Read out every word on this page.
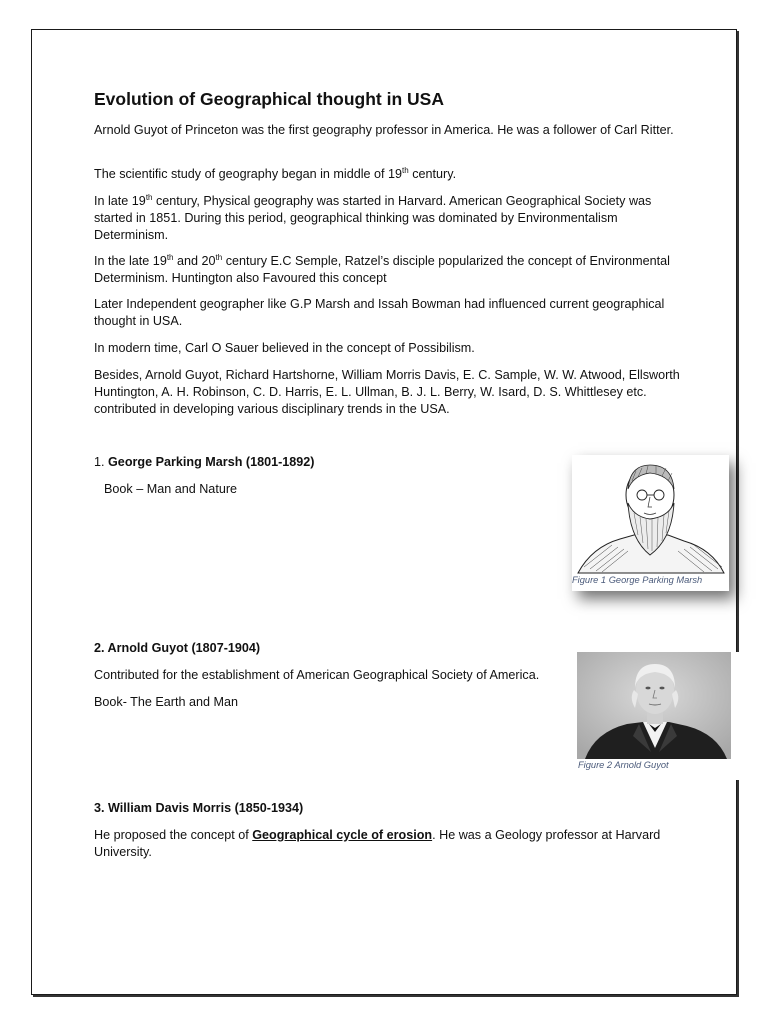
Evolution of Geographical thought in USA

Arnold Guyot of Princeton was the first geography professor in America. He was a follower of Carl Ritter.

The scientific study of geography began in middle of 19th century.

In late 19th century, Physical geography was started in Harvard. American Geographical Society was started in 1851. During this period, geographical thinking was dominated by Environmentalism Determinism.

In the late 19th and 20th century E.C Semple, Ratzel’s disciple popularized the concept of Environmental Determinism. Huntington also Favoured this concept

Later Independent geographer like G.P Marsh and Issah Bowman had influenced current geographical thought in USA.

In modern time, Carl O Sauer believed in the concept of Possibilism.

Besides, Arnold Guyot, Richard Hartshorne, William Morris Davis, E. C. Sample, W. W. Atwood, Ellsworth Huntington, A. H. Robinson, C. D. Harris, E. L. Ullman, B. J. L. Berry, W. Isard, D. S. Whittlesey etc. contributed in developing various disciplinary trends in the USA.

1. George Parking Marsh (1801-1892)

Book – Man and Nature

Figure 1 George Parking Marsh

2. Arnold Guyot (1807-1904)

Contributed for the establishment of American Geographical Society of America.

Book- The Earth and Man

Figure 2 Arnold Guyot

3. William Davis Morris (1850-1934)

He proposed the concept of Geographical cycle of erosion. He was a Geology professor at Harvard University.
